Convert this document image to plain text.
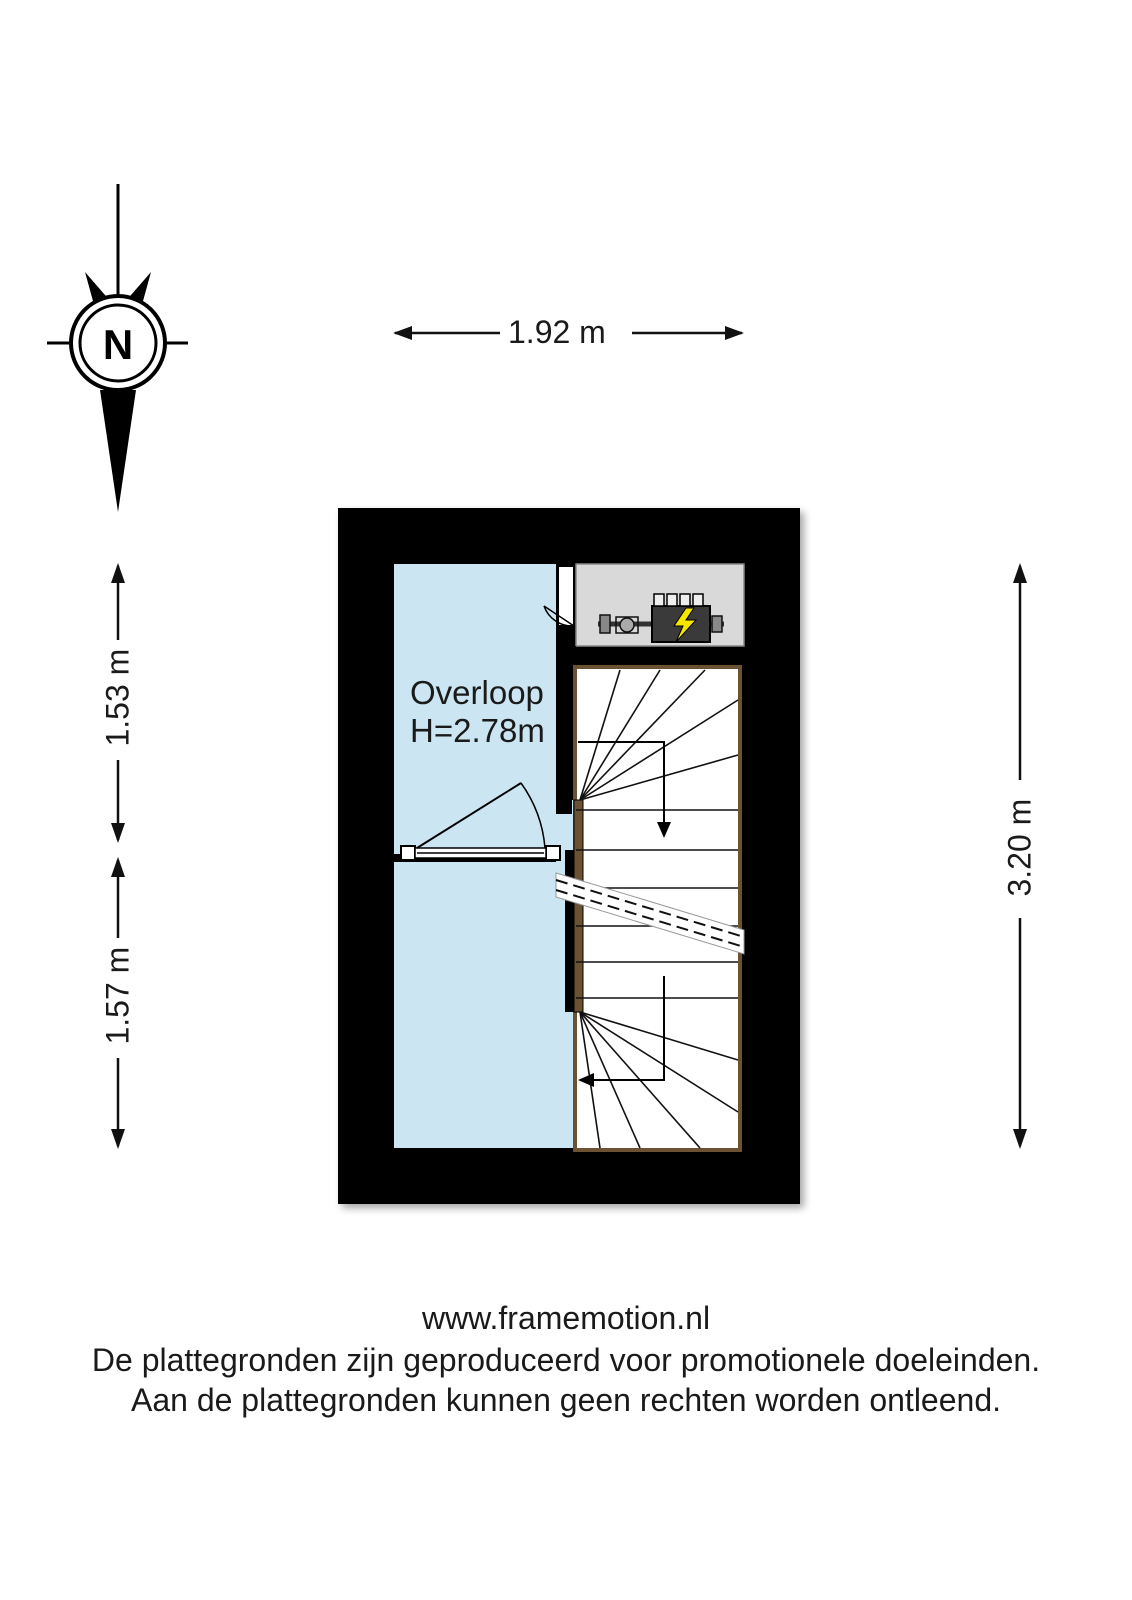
N	1.92 m
1.53 m
1.57 m
3.20 m
Overloop
H=2.78m
www.framemotion.nl
De plattegronden zijn geproduceerd voor promotionele doeleinden.
Aan de plattegronden kunnen geen rechten worden ontleend.
